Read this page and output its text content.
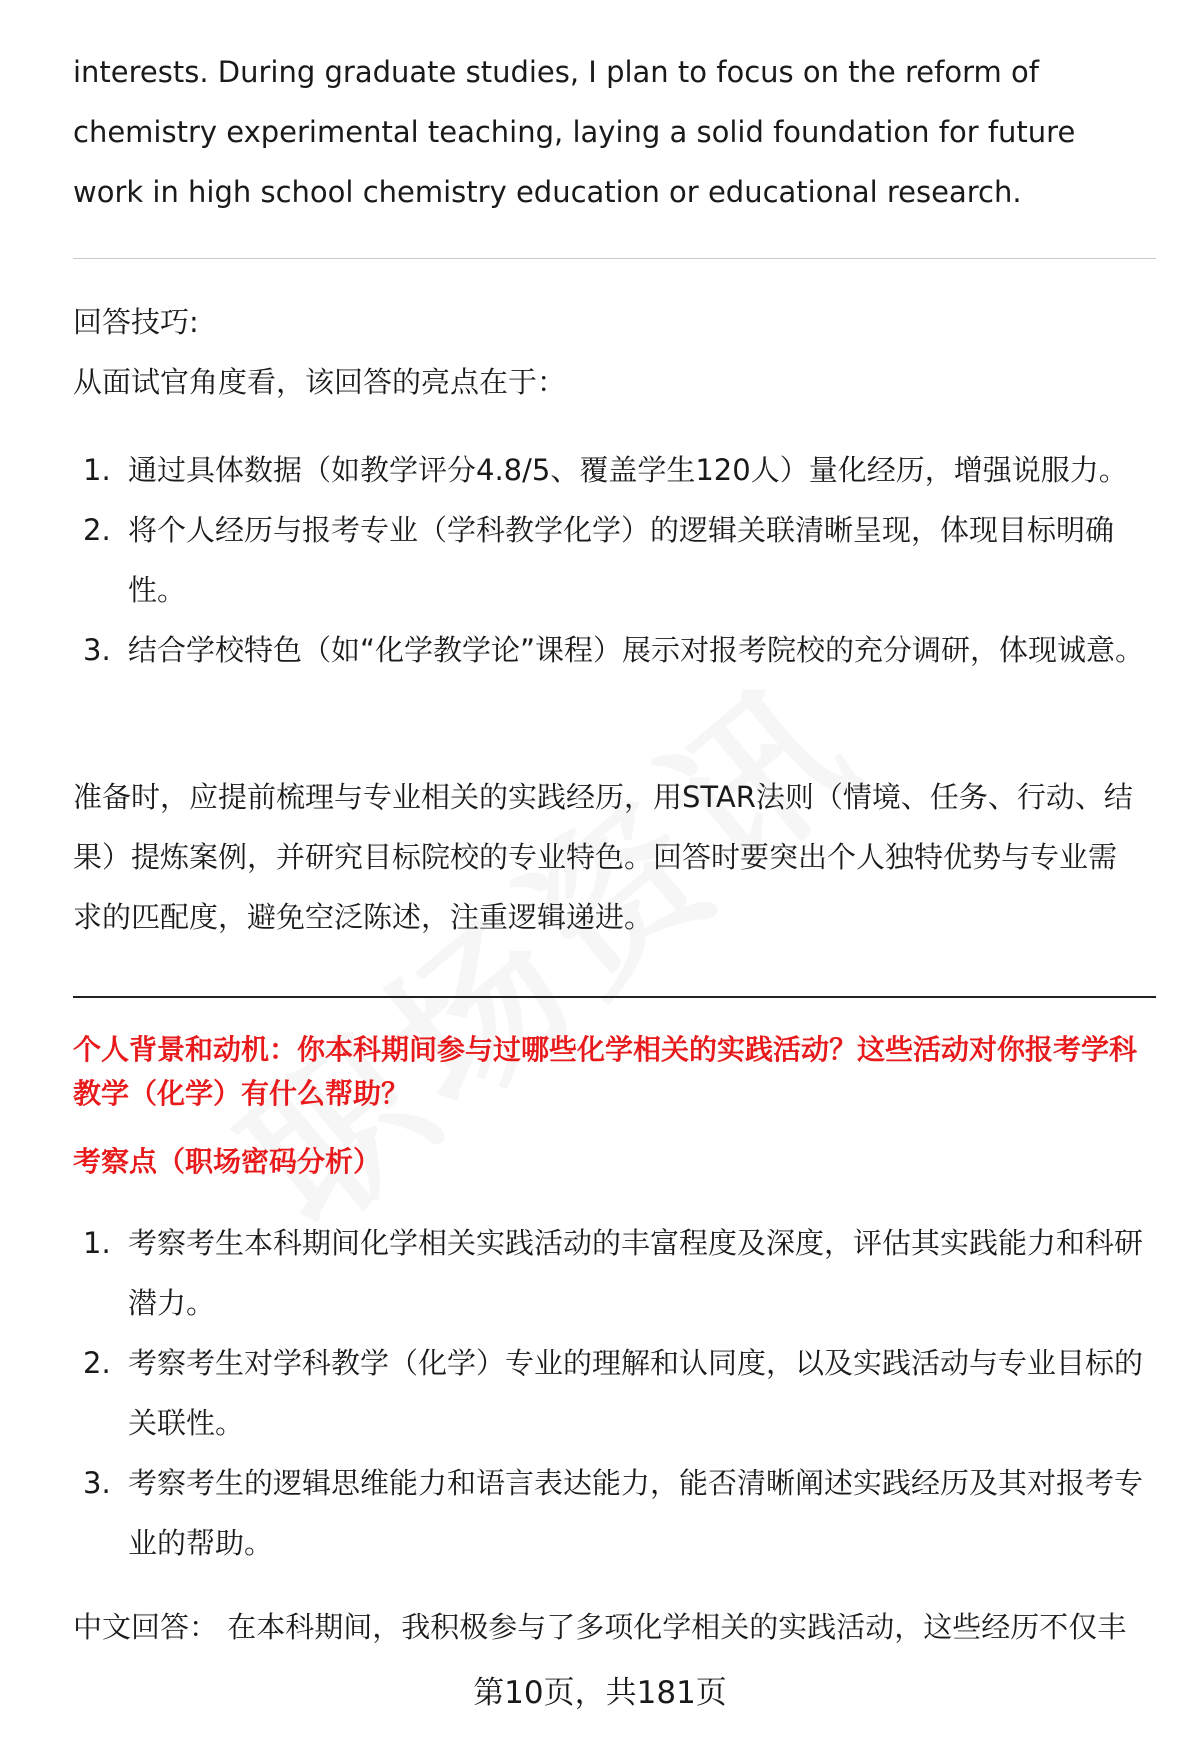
interests. During graduate studies, I plan to focus on the reform of chemistry experimental teaching, laying a solid foundation for future work in high school chemistry education or educational research.

回答技巧:

从面试官角度看，该回答的亮点在于：

1. 通过具体数据（如教学评分4.8/5、覆盖学生120人）量化经历，增强说服力。
2. 将个人经历与报考专业（学科教学化学）的逻辑关联清晰呈现，体现目标明确性。
3. 结合学校特色（如“化学教学论”课程）展示对报考院校的充分调研，体现诚意。

准备时，应提前梳理与专业相关的实践经历，用STAR法则（情境、任务、行动、结果）提炼案例，并研究目标院校的专业特色。回答时要突出个人独特优势与专业需求的匹配度，避免空泛陈述，注重逻辑递进。

个人背景和动机：你本科期间参与过哪些化学相关的实践活动？这些活动对你报考学科教学（化学）有什么帮助？

考察点（职场密码分析）

1. 考察考生本科期间化学相关实践活动的丰富程度及深度，评估其实践能力和科研潜力。
2. 考察考生对学科教学（化学）专业的理解和认同度，以及实践活动与专业目标的关联性。
3. 考察考生的逻辑思维能力和语言表达能力，能否清晰阐述实践经历及其对报考专业的帮助。

中文回答： 在本科期间，我积极参与了多项化学相关的实践活动，这些经历不仅丰

第10页，共181页
